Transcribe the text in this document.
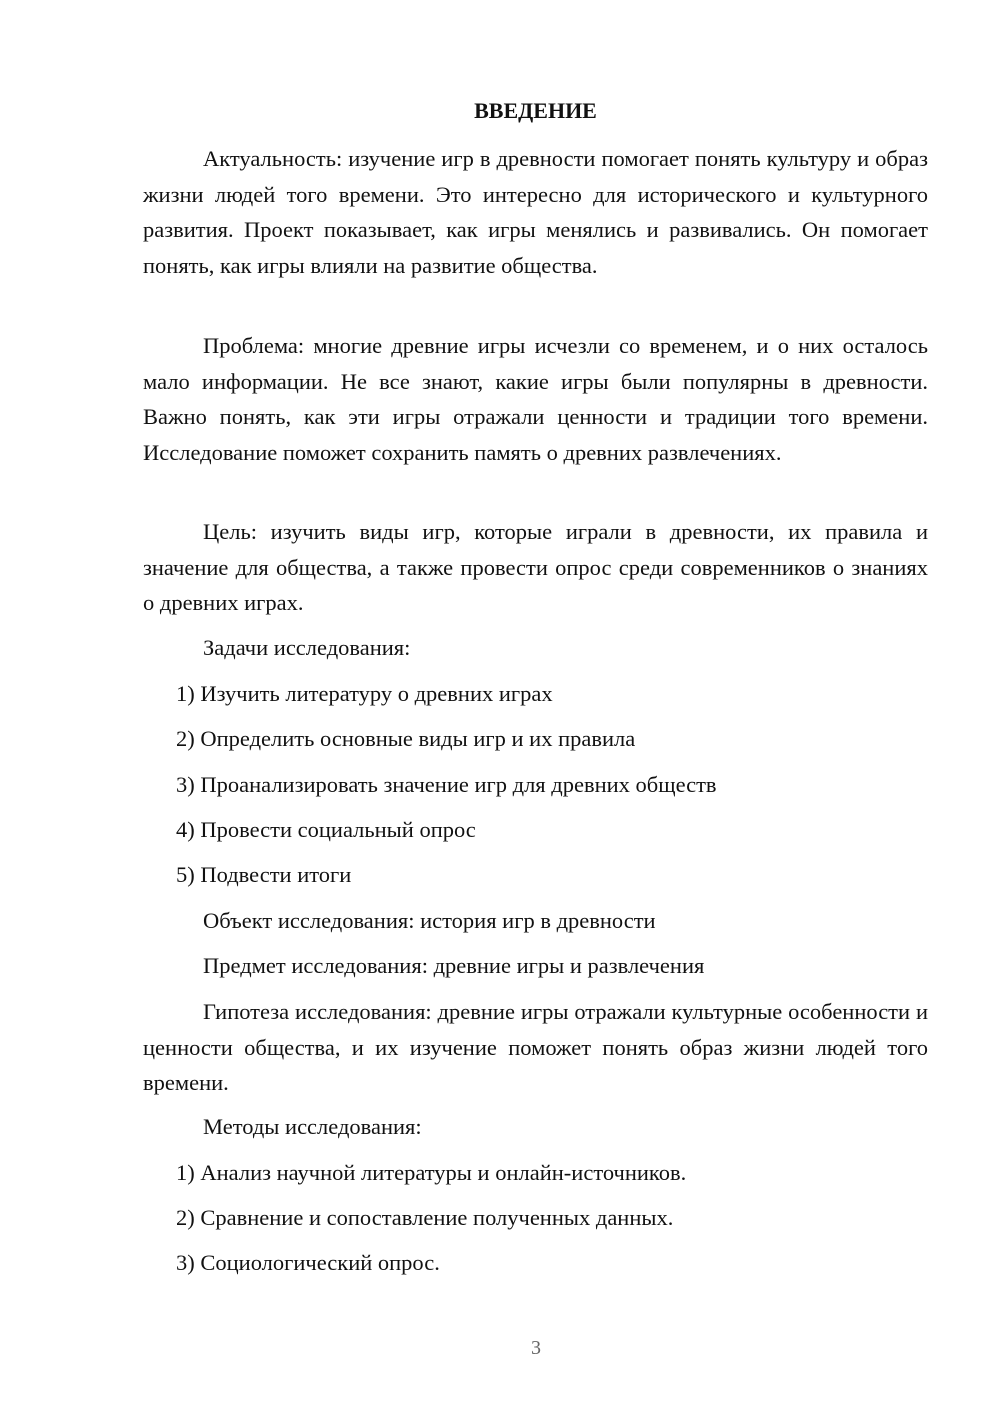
ВВЕДЕНИЕ

Актуальность: изучение игр в древности помогает понять культуру и образ жизни людей того времени. Это интересно для исторического и культурного развития. Проект показывает, как игры менялись и развивались. Он помогает понять, как игры влияли на развитие общества.

Проблема: многие древние игры исчезли со временем, и о них осталось мало информации. Не все знают, какие игры были популярны в древности. Важно понять, как эти игры отражали ценности и традиции того времени. Исследование поможет сохранить память о древних развлечениях.

Цель: изучить виды игр, которые играли в древности, их правила и значение для общества, а также провести опрос среди современников о знаниях о древних играх.

Задачи исследования:

1) Изучить литературу о древних играх

2) Определить основные виды игр и их правила

3) Проанализировать значение игр для древних обществ

4) Провести социальный опрос

5) Подвести итоги

Объект исследования: история игр в древности

Предмет исследования: древние игры и развлечения

Гипотеза исследования: древние игры отражали культурные особенности и ценности общества, и их изучение поможет понять образ жизни людей того времени.

Методы исследования:

1) Анализ научной литературы и онлайн-источников.

2) Сравнение и сопоставление полученных данных.

3) Социологический опрос.

3
